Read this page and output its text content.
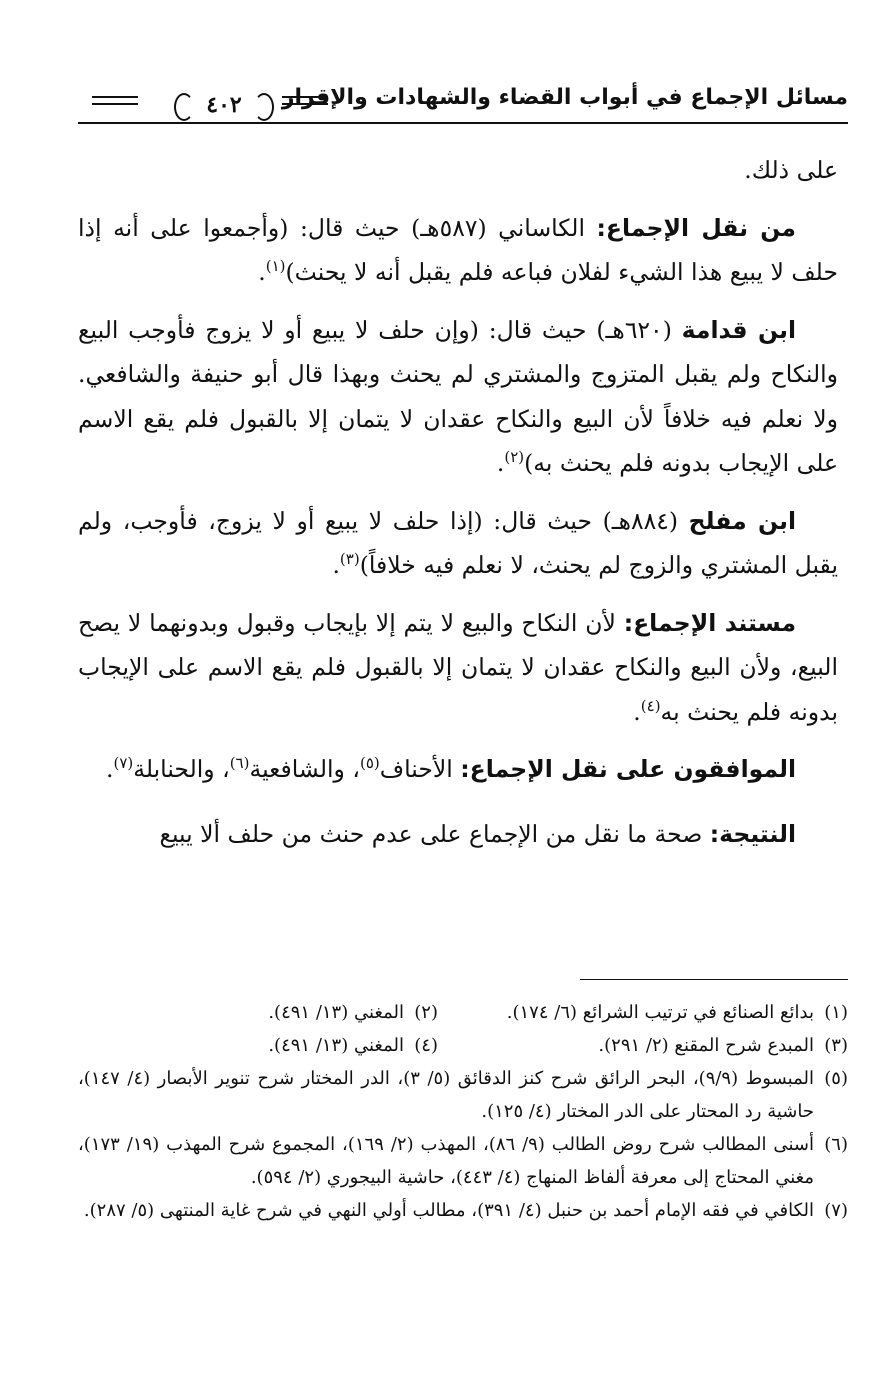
مسائل الإجماع في أبواب القضاء والشهادات والإقرار
٤٠٢

على ذلك.

من نقل الإجماع: الكاساني (٥٨٧هـ) حيث قال: (وأجمعوا على أنه إذا حلف لا يبيع هذا الشيء لفلان فباعه فلم يقبل أنه لا يحنث)$^{(١)}$.

ابن قدامة (٦٢٠هـ) حيث قال: (وإن حلف لا يبيع أو لا يزوج فأوجب البيع والنكاح ولم يقبل المتزوج والمشتري لم يحنث وبهذا قال أبو حنيفة والشافعي. ولا نعلم فيه خلافاً لأن البيع والنكاح عقدان لا يتمان إلا بالقبول فلم يقع الاسم على الإيجاب بدونه فلم يحنث به)$^{(٢)}$.

ابن مفلح (٨٨٤هـ) حيث قال: (إذا حلف لا يبيع أو لا يزوج، فأوجب، ولم يقبل المشتري والزوج لم يحنث، لا نعلم فيه خلافاً)$^{(٣)}$.

مستند الإجماع: لأن النكاح والبيع لا يتم إلا بإيجاب وقبول وبدونهما لا يصح البيع، ولأن البيع والنكاح عقدان لا يتمان إلا بالقبول فلم يقع الاسم على الإيجاب بدونه فلم يحنث به$^{(٤)}$.

الموافقون على نقل الإجماع: الأحناف$^{(٥)}$، والشافعية$^{(٦)}$، والحنابلة$^{(٧)}$.

النتيجة: صحة ما نقل من الإجماع على عدم حنث من حلف ألا يبيع

(١)
بدائع الصنائع في ترتيب الشرائع (٦/ ١٧٤).
(٢)
المغني (١٣/ ٤٩١).
(٣)
المبدع شرح المقنع (٢/ ٢٩١).
(٤)
المغني (١٣/ ٤٩١).
(٥)
المبسوط (٩/٩)، البحر الرائق شرح كنز الدقائق (٥/ ٣)، الدر المختار شرح تنوير الأبصار (٤/ ١٤٧)، حاشية رد المحتار على الدر المختار (٤/ ١٢٥).
(٦)
أسنى المطالب شرح روض الطالب (٩/ ٨٦)، المهذب (٢/ ١٦٩)، المجموع شرح المهذب (١٩/ ١٧٣)، مغني المحتاج إلى معرفة ألفاظ المنهاج (٤/ ٤٤٣)، حاشية البيجوري (٢/ ٥٩٤).
(٧)
الكافي في فقه الإمام أحمد بن حنبل (٤/ ٣٩١)، مطالب أولي النهي في شرح غاية المنتهى (٥/ ٢٨٧).
